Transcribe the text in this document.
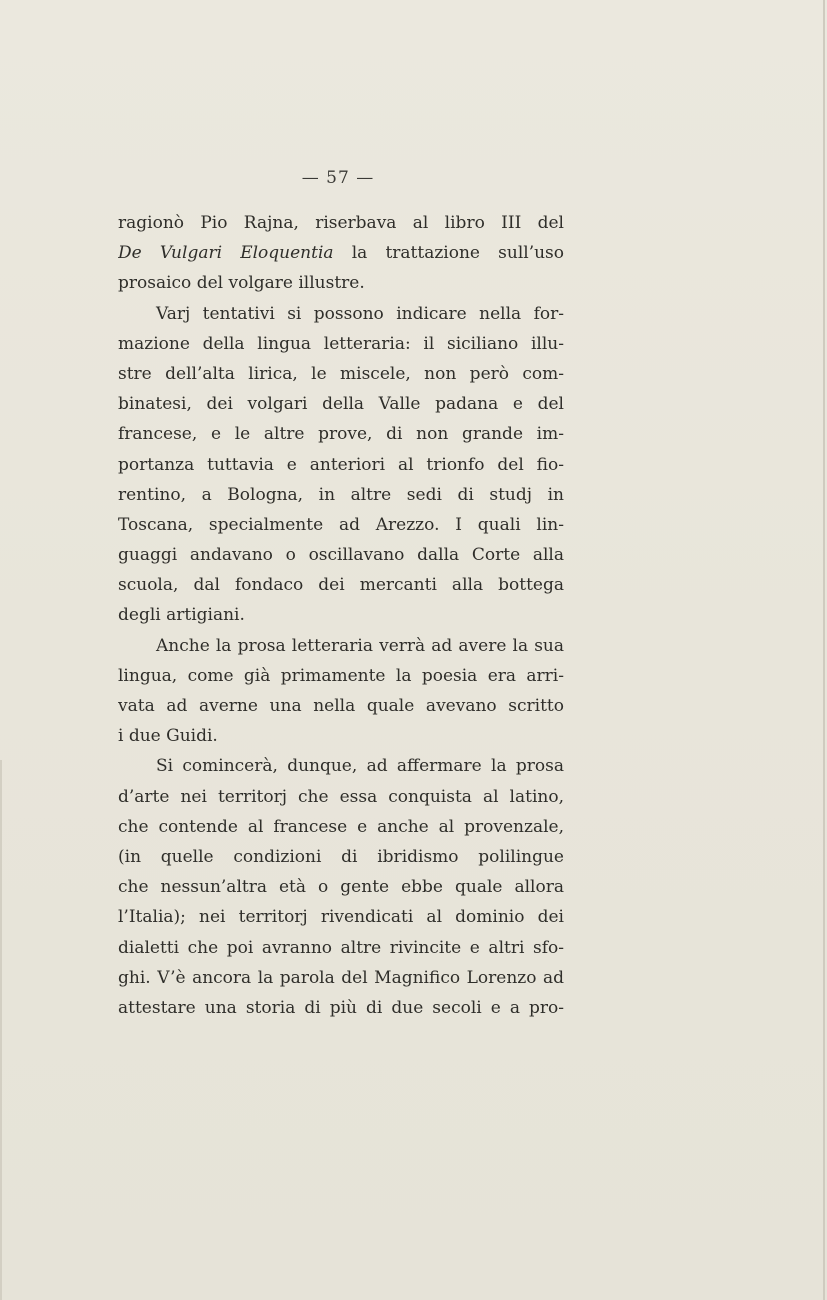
— 57 —
ragionò Pio Rajna, riserbava al libro III del
De Vulgari Eloquentia la trattazione sull’uso
prosaico del volgare illustre.
Varj tentativi si possono indicare nella for-
mazione della lingua letteraria: il siciliano illu-
stre dell’alta lirica, le miscele, non però com-
binatesi, dei volgari della Valle padana e del
francese, e le altre prove, di non grande im-
portanza tuttavia e anteriori al trionfo del fio-
rentino, a Bologna, in altre sedi di studj in
Toscana, specialmente ad Arezzo. I quali lin-
guaggi andavano o oscillavano dalla Corte alla
scuola, dal fondaco dei mercanti alla bottega
degli artigiani.
Anche la prosa letteraria verrà ad avere la sua
lingua, come già primamente la poesia era arri-
vata ad averne una nella quale avevano scritto
i due Guidi.
Si comincerà, dunque, ad affermare la prosa
d’arte nei territorj che essa conquista al latino,
che contende al francese e anche al provenzale,
(in quelle condizioni di ibridismo polilingue
che nessun’altra età o gente ebbe quale allora
l’Italia); nei territorj rivendicati al dominio dei
dialetti che poi avranno altre rivincite e altri sfo-
ghi. V’è ancora la parola del Magnifico Lorenzo ad
attestare una storia di più di due secoli e a pro-
